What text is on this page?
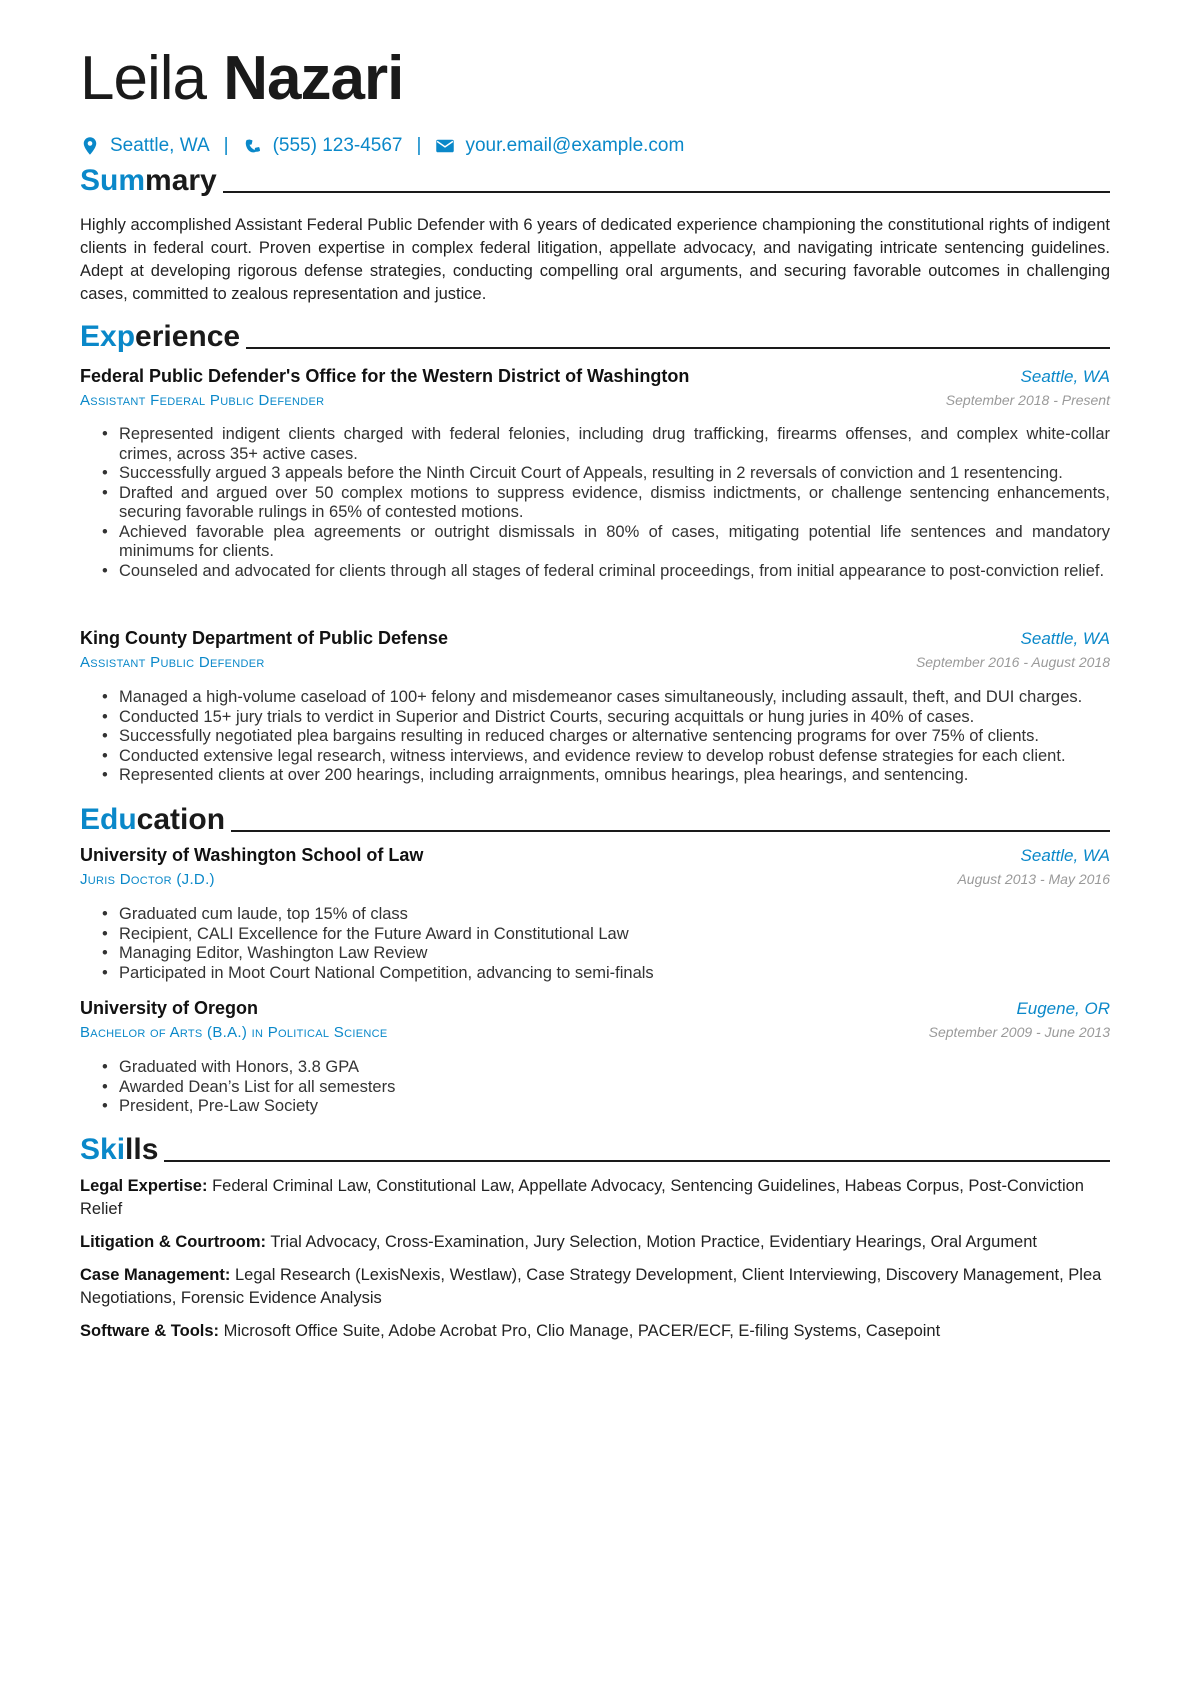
Leila Nazari
Seattle, WA | (555) 123-4567 | your.email@example.com
Summary

Highly accomplished Assistant Federal Public Defender with 6 years of dedicated experience championing the constitutional rights of indigent clients in federal court. Proven expertise in complex federal litigation, appellate advocacy, and navigating intricate sentencing guidelines. Adept at developing rigorous defense strategies, conducting compelling oral arguments, and securing favorable outcomes in challenging cases, committed to zealous representation and justice.

Experience
Federal Public Defender's Office for the Western District of Washington	Seattle, WA
Assistant Federal Public Defender	September 2018 - Present
• Represented indigent clients charged with federal felonies, including drug trafficking, firearms offenses, and complex white-collar crimes, across 35+ active cases.
• Successfully argued 3 appeals before the Ninth Circuit Court of Appeals, resulting in 2 reversals of conviction and 1 resentencing.
• Drafted and argued over 50 complex motions to suppress evidence, dismiss indictments, or challenge sentencing enhancements, securing favorable rulings in 65% of contested motions.
• Achieved favorable plea agreements or outright dismissals in 80% of cases, mitigating potential life sentences and mandatory minimums for clients.
• Counseled and advocated for clients through all stages of federal criminal proceedings, from initial appearance to post-conviction relief.
King County Department of Public Defense	Seattle, WA
Assistant Public Defender	September 2016 - August 2018
• Managed a high-volume caseload of 100+ felony and misdemeanor cases simultaneously, including assault, theft, and DUI charges.
• Conducted 15+ jury trials to verdict in Superior and District Courts, securing acquittals or hung juries in 40% of cases.
• Successfully negotiated plea bargains resulting in reduced charges or alternative sentencing programs for over 75% of clients.
• Conducted extensive legal research, witness interviews, and evidence review to develop robust defense strategies for each client.
• Represented clients at over 200 hearings, including arraignments, omnibus hearings, plea hearings, and sentencing.
Education
University of Washington School of Law	Seattle, WA
Juris Doctor (J.D.)	August 2013 - May 2016
• Graduated cum laude, top 15% of class
• Recipient, CALI Excellence for the Future Award in Constitutional Law
• Managing Editor, Washington Law Review
• Participated in Moot Court National Competition, advancing to semi-finals
University of Oregon	Eugene, OR
Bachelor of Arts (B.A.) in Political Science	September 2009 - June 2013
• Graduated with Honors, 3.8 GPA
• Awarded Dean’s List for all semesters
• President, Pre-Law Society
Skills

Legal Expertise: Federal Criminal Law, Constitutional Law, Appellate Advocacy, Sentencing Guidelines, Habeas Corpus, Post-Conviction Relief

Litigation & Courtroom: Trial Advocacy, Cross-Examination, Jury Selection, Motion Practice, Evidentiary Hearings, Oral Argument

Case Management: Legal Research (LexisNexis, Westlaw), Case Strategy Development, Client Interviewing, Discovery Management, Plea Negotiations, Forensic Evidence Analysis

Software & Tools: Microsoft Office Suite, Adobe Acrobat Pro, Clio Manage, PACER/ECF, E-filing Systems, Casepoint
